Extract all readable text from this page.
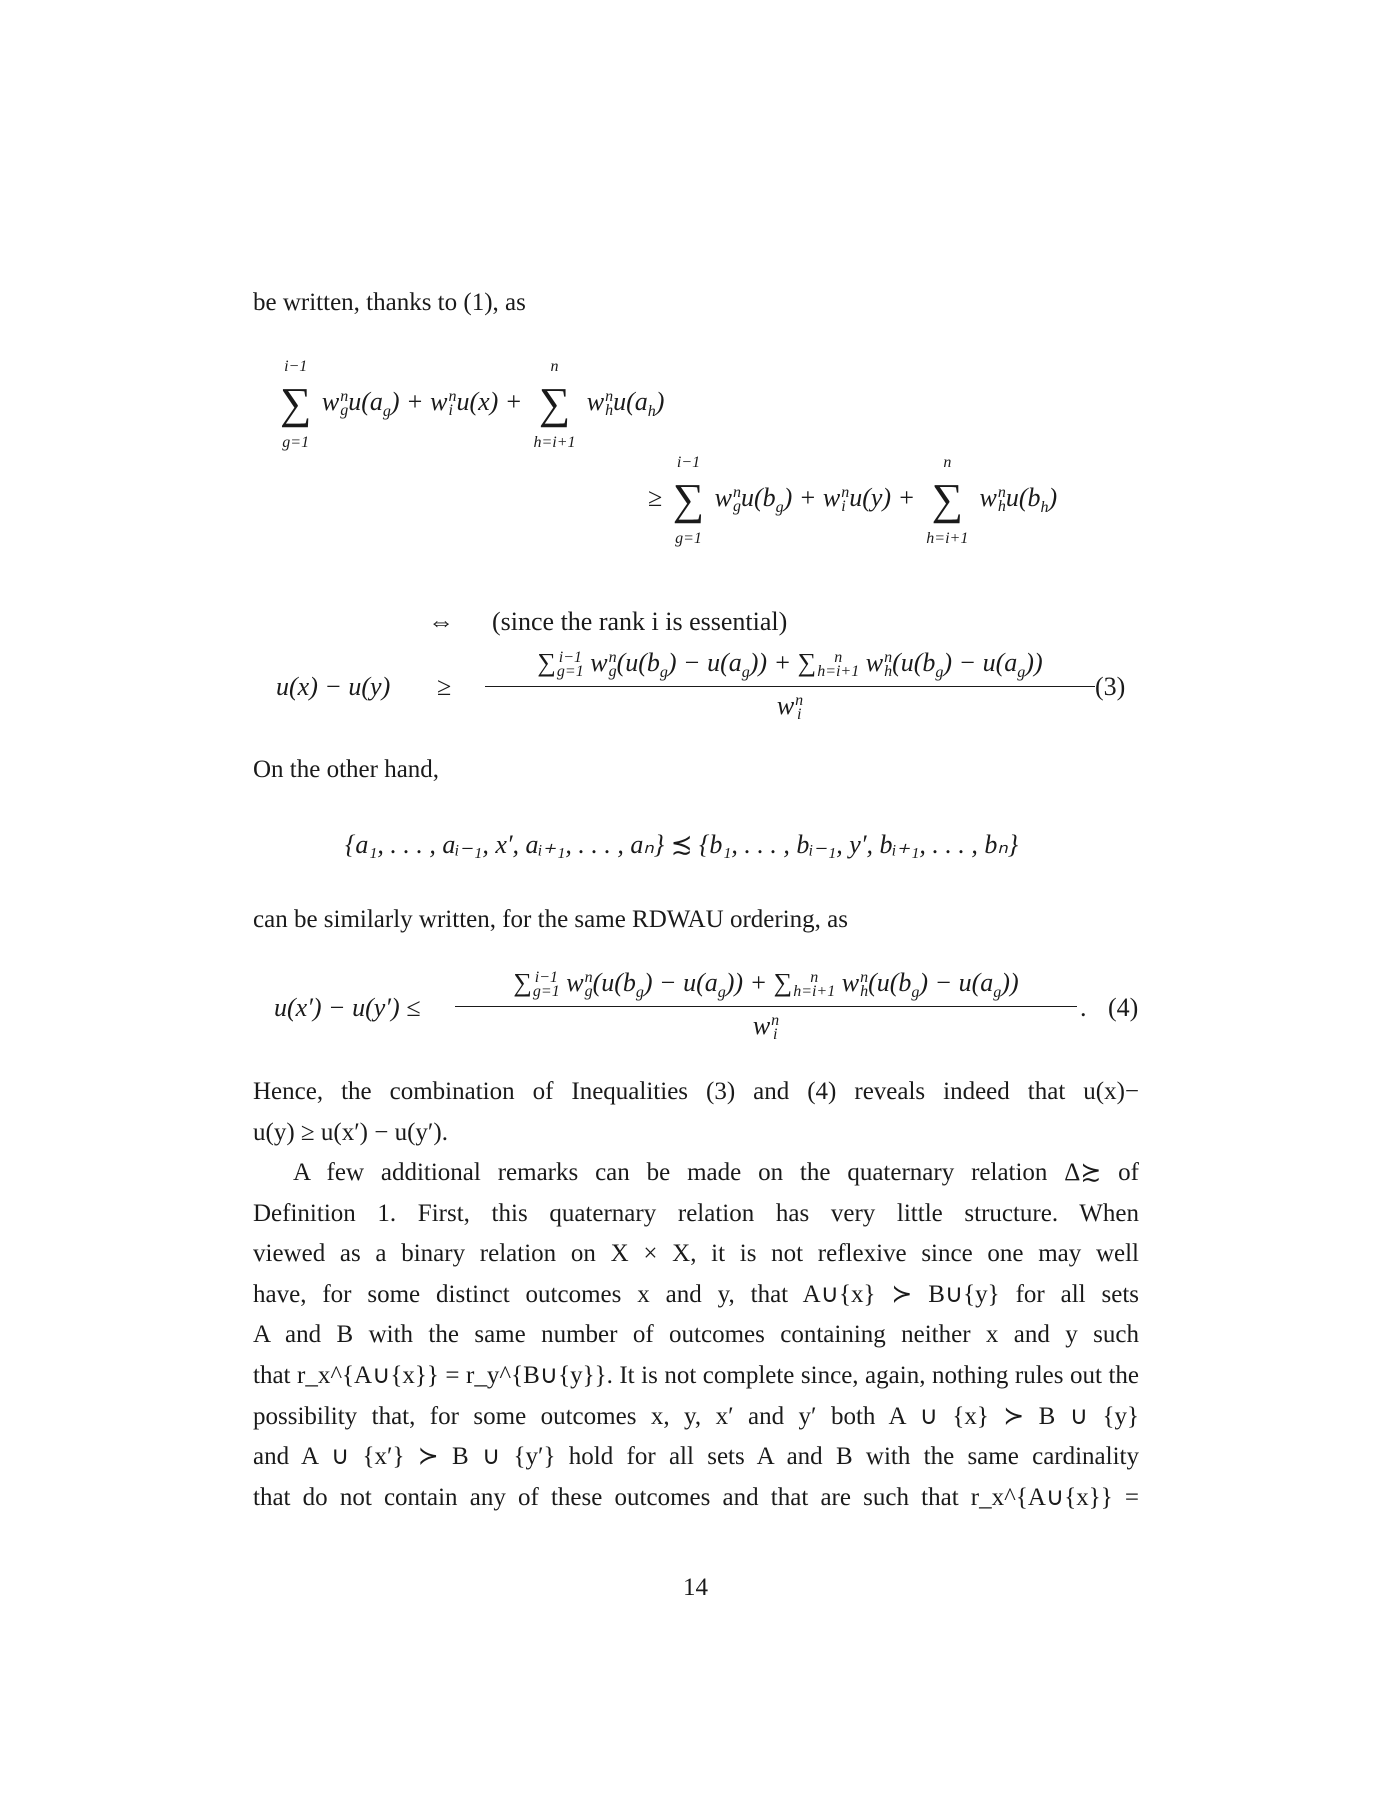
be written, thanks to (1), as
i−1
∑
g=1
w n
g $u(a_g) + w$ n
i u(x) +
n
∑
h=i+1
w n
h $u(a_h)$
≥
i−1
∑
g=1
w n
g $u(b_g) + w$ n
i u(y) +
n
∑
h=i+1
w n
h $u(b_h)$
⇔ (since the rank i is essential)
u(x) − u(y) ≥
∑ i−1
g=1 w n
g $(u(b_g) - u(a_g))$ + ∑	n
h=i+1 w n
h $(u(b_g) - u(a_g))$
w n
i
(3)
On the other hand,
{a₁, . . . , aᵢ₋₁, x′, aᵢ₊₁, . . . , aₙ} ≾ {b₁, . . . , bᵢ₋₁, y′, bᵢ₊₁, . . . , bₙ}
can be similarly written, for the same RDWAU ordering, as
u(x′) − u(y′) ≤
∑ i−1
g=1 w n
g $(u(b_g) - u(a_g))$ + ∑	n
h=i+1 w n
h $(u(b_g) - u(a_g))$
w n
i
. (4)
Hence, the combination of Inequalities (3) and (4) reveals indeed that u(x)−
u(y) ≥ u(x′) − u(y′).
A few additional remarks can be made on the quaternary relation Δ≿ of
Definition 1. First, this quaternary relation has very little structure. When
viewed as a binary relation on X × X, it is not reflexive since one may well
have, for some distinct outcomes x and y, that A∪{x} ≻ B∪{y} for all sets
A and B with the same number of outcomes containing neither x and y such
that r_x^{A∪{x}} = r_y^{B∪{y}}. It is not complete since, again, nothing rules out the
possibility that, for some outcomes x, y, x′ and y′ both A ∪ {x} ≻ B ∪ {y}
and A ∪ {x′} ≻ B ∪ {y′} hold for all sets A and B with the same cardinality
that do not contain any of these outcomes and that are such that r_x^{A∪{x}} =
14
